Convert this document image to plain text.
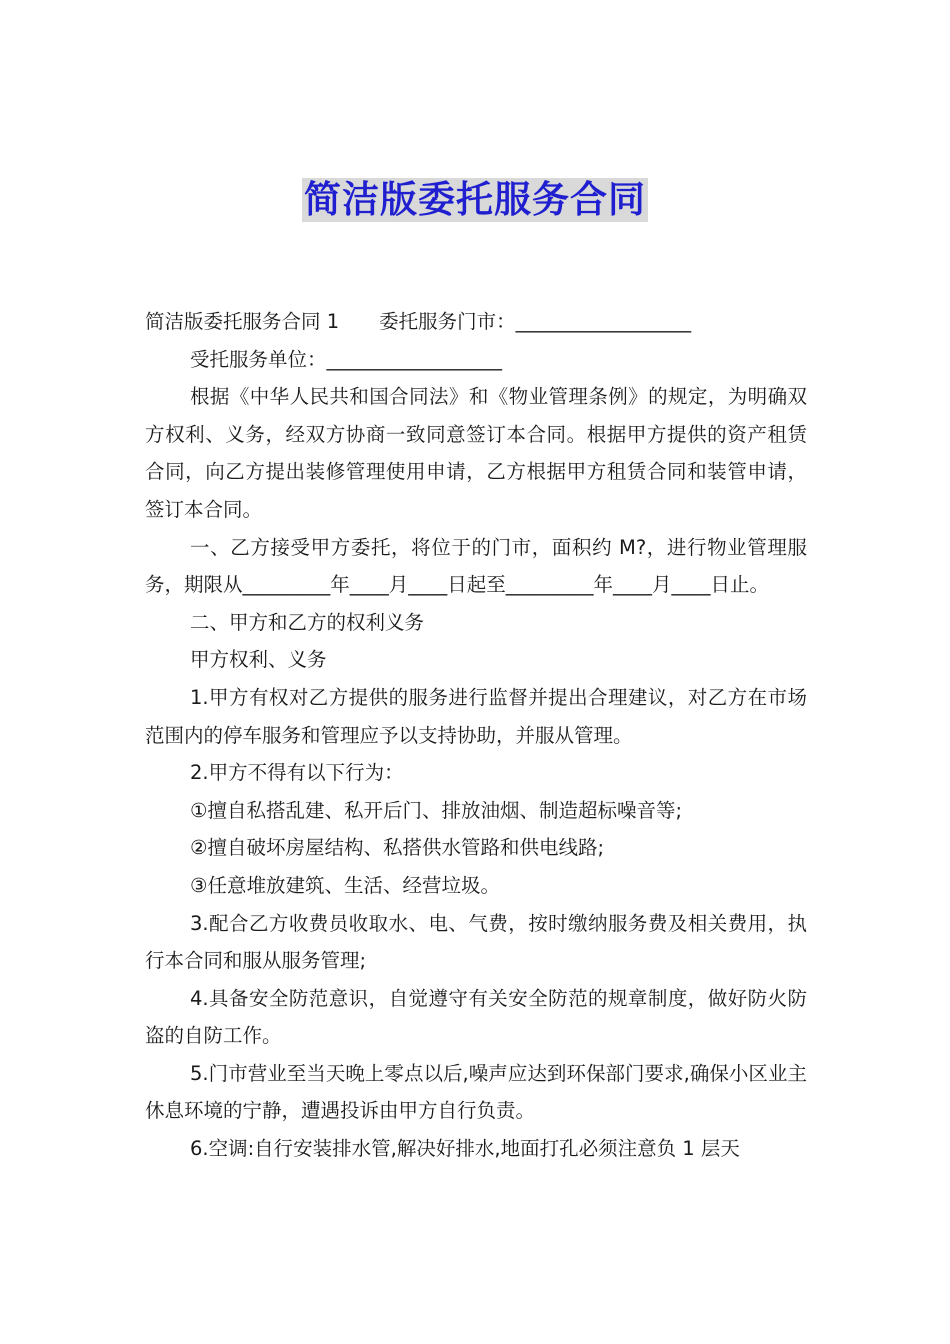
简洁版委托服务合同

简洁版委托服务合同 1 委托服务门市：__________________

受托服务单位：__________________

根据《中华人民共和国合同法》和《物业管理条例》的规定，为明确双方权利、义务，经双方协商一致同意签订本合同。根据甲方提供的资产租赁合同，向乙方提出装修管理使用申请，乙方根据甲方租赁合同和装管申请，签订本合同。

一、乙方接受甲方委托，将位于的门市，面积约 M?，进行物业管理服务，期限从_________年____月____日起至_________年____月____日止。

二、甲方和乙方的权利义务

甲方权利、义务

1.甲方有权对乙方提供的服务进行监督并提出合理建议，对乙方在市场范围内的停车服务和管理应予以支持协助，并服从管理。

2.甲方不得有以下行为：

①擅自私搭乱建、私开后门、排放油烟、制造超标噪音等;

②擅自破坏房屋结构、私搭供水管路和供电线路;

③任意堆放建筑、生活、经营垃圾。

3.配合乙方收费员收取水、电、气费，按时缴纳服务费及相关费用，执行本合同和服从服务管理;

4.具备安全防范意识，自觉遵守有关安全防范的规章制度，做好防火防盗的自防工作。

5.门市营业至当天晚上零点以后,噪声应达到环保部门要求,确保小区业主休息环境的宁静，遭遇投诉由甲方自行负责。

6.空调:自行安装排水管,解决好排水,地面打孔必须注意负 1 层天
